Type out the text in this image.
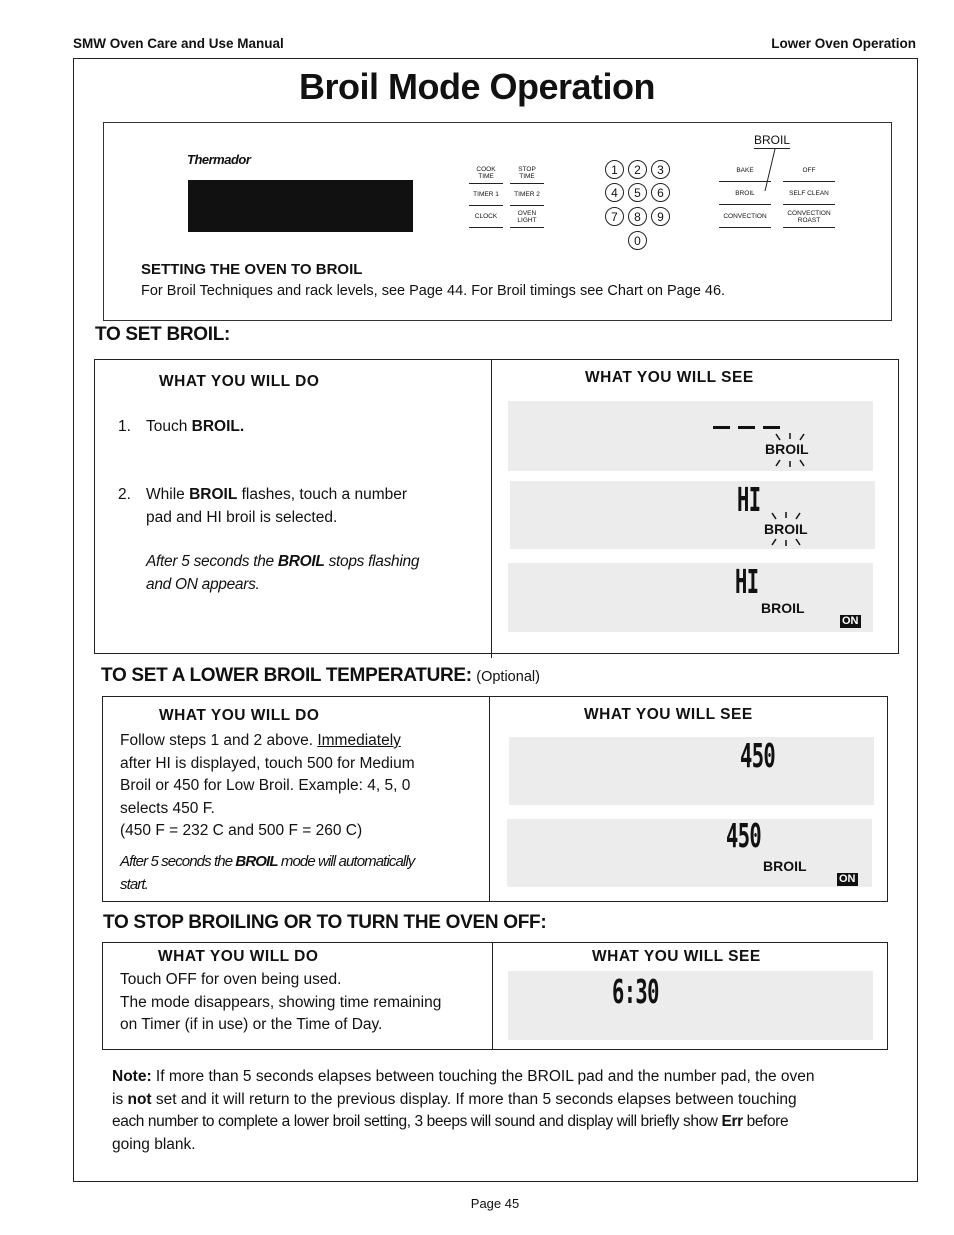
SMW Oven Care and Use Manual	Lower Oven Operation
Broil Mode Operation
Thermador
COOK TIME
STOP TIME
TIMER 1	TIMER 2
CLOCK	OVEN LIGHT
1	2	3
4	5	6
7	8	9
0
BROIL
BAKE	OFF
BROIL	SELF CLEAN
CONVECTION	CONVECTION ROAST
SETTING THE OVEN TO BROIL
For Broil Techniques and rack levels, see Page 44. For Broil timings see Chart on Page 46.
TO SET BROIL:
WHAT YOU WILL DO	WHAT YOU WILL SEE
1. Touch BROIL.
2. While BROIL flashes, touch a number
pad and HI broil is selected.
After 5 seconds the BROIL stops flashing
and ON appears.
BROIL
HI
BROIL
HI
BROIL
ON
TO SET A LOWER BROIL TEMPERATURE: (Optional)
WHAT YOU WILL DO	WHAT YOU WILL SEE
Follow steps 1 and 2 above. Immediately
after HI is displayed, touch 500 for Medium
Broil or 450 for Low Broil. Example: 4, 5, 0
selects 450 F.
(450 F = 232 C and 500 F = 260 C)
After 5 seconds the BROIL mode will automatically
start.
450
450
BROIL
ON
TO STOP BROILING OR TO TURN THE OVEN OFF:
WHAT YOU WILL DO	WHAT YOU WILL SEE
Touch OFF for oven being used.
The mode disappears, showing time remaining
on Timer (if in use) or the Time of Day.
6:30
Note: If more than 5 seconds elapses between touching the BROIL pad and the number pad, the oven
is not set and it will return to the previous display. If more than 5 seconds elapses between touching
each number to complete a lower broil setting, 3 beeps will sound and display will briefly show Err before
going blank.
Page 45
